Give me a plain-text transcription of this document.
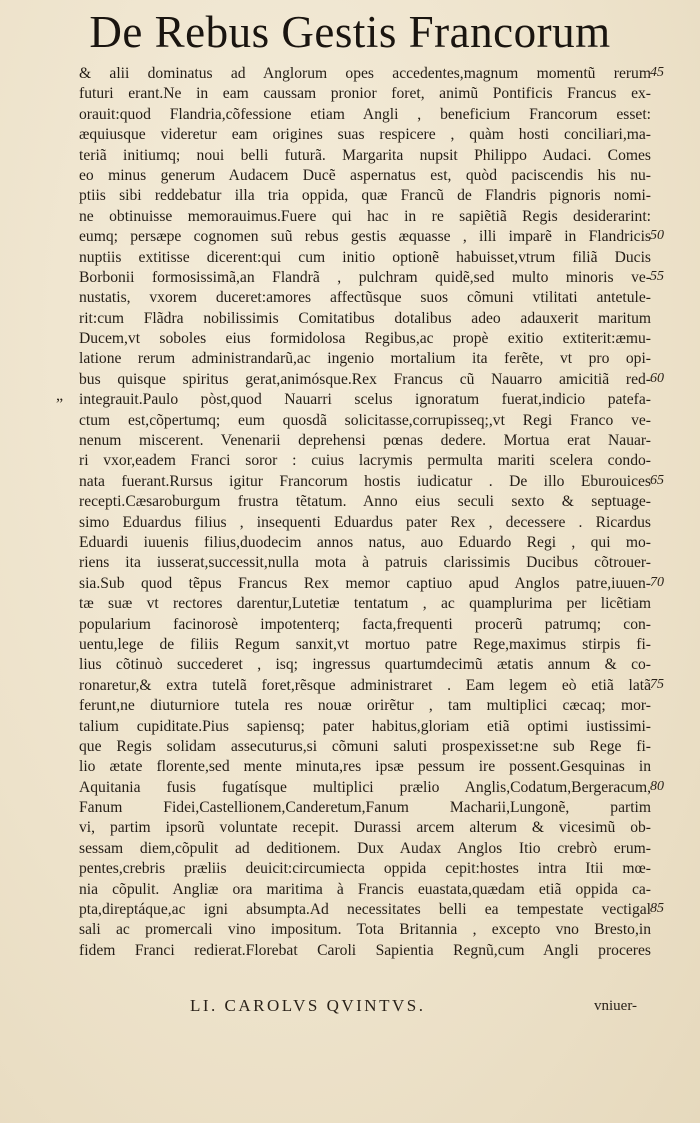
De Rebus Gestis Francorum
& alii dominatus ad Anglorum opes accedentes,magnum momentũ rerum
futuri erant.Ne in eam caussam pronior foret, animũ Pontificis Francus ex-
orauit:quod Flandria,cõfessione etiam Angli , beneficium Francorum esset:
æquiusque videretur eam origines suas respicere , quàm hosti conciliari,ma-
teriã initiumq; noui belli futurã. Margarita nupsit Philippo Audaci. Comes
eo minus generum Audacem Ducẽ aspernatus est, quòd paciscendis his nu-
ptiis sibi reddebatur illa tria oppida, quæ Francũ de Flandris pignoris nomi-
ne obtinuisse memorauimus.Fuere qui hac in re sapiẽtiã Regis desiderarint:
eumq; persæpe cognomen suũ rebus gestis æquasse , illi imparẽ in Flandricis
nuptiis extitisse dicerent:qui cum initio optionẽ habuisset,vtrum filiã Ducis
Borbonii formosissimã,an Flandrã , pulchram quidẽ,sed multo minoris ve-
nustatis, vxorem duceret:amores affectũsque suos cõmuni vtilitati antetule-
rit:cum Flãdra nobilissimis Comitatibus dotalibus adeo adauxerit maritum
Ducem,vt soboles eius formidolosa Regibus,ac propè exitio extiterit:æmu-
latione rerum administrandarũ,ac ingenio mortalium ita ferẽte, vt pro opi-
bus quisque spiritus gerat,animósque.Rex Francus cũ Nauarro amicitiã red-
integrauit.Paulo pòst,quod Nauarri scelus ignoratum fuerat,indicio patefa-
ctum est,cõpertumq; eum quosdã solicitasse,corrupisseq;,vt Regi Franco ve-
nenum miscerent. Venenarii deprehensi pœnas dedere. Mortua erat Nauar-
ri vxor,eadem Franci soror : cuius lacrymis permulta mariti scelera condo-
nata fuerant.Rursus igitur Francorum hostis iudicatur . De illo Eburouices
recepti.Cæsaroburgum frustra tẽtatum. Anno eius seculi sexto & septuage-
simo Eduardus filius , insequenti Eduardus pater Rex , decessere . Ricardus
Eduardi iuuenis filius,duodecim annos natus, auo Eduardo Regi , qui mo-
riens ita iusserat,successit,nulla mota à patruis clarissimis Ducibus cõtrouer-
sia.Sub quod tẽpus Francus Rex memor captiuo apud Anglos patre,iuuen-
tæ suæ vt rectores darentur,Lutetiæ tentatum , ac quamplurima per licẽtiam
popularium facinorosè impotenterq; facta,frequenti procerũ patrumq; con-
uentu,lege de filiis Regum sanxit,vt mortuo patre Rege,maximus stirpis fi-
lius cõtinuò succederet , isq; ingressus quartumdecimũ ætatis annum & co-
ronaretur,& extra tutelã foret,rẽsque administraret . Eam legem eò etiã latã
ferunt,ne diuturniore tutela res nouæ orirẽtur , tam multiplici cæcaq; mor-
talium cupiditate.Pius sapiensq; pater habitus,gloriam etiã optimi iustissimi-
que Regis solidam assecuturus,si cõmuni saluti prospexisset:ne sub Rege fi-
lio ætate florente,sed mente minuta,res ipsæ pessum ire possent.Gesquinas in
Aquitania fusis fugatísque multiplici prælio Anglis,Codatum,Bergeracum,
Fanum Fidei,Castellionem,Canderetum,Fanum Macharii,Lungonẽ, partim
vi, partim ipsorũ voluntate recepit. Durassi arcem alterum & vicesimũ ob-
sessam diem,cõpulit ad deditionem. Dux Audax Anglos Itio crebrò erum-
pentes,crebris præliis deuicit:circumiecta oppida cepit:hostes intra Itii mœ-
nia cõpulit. Angliæ ora maritima à Francis euastata,quædam etiã oppida ca-
pta,direptáque,ac igni absumpta.Ad necessitates belli ea tempestate vectigal
sali ac promercali vino impositum. Tota Britannia , excepto vno Bresto,in
fidem Franci redierat.Florebat Caroli Sapientia Regnũ,cum Angli proceres
45
50
55
60
65
70
75
80
85
„
LI. CAROLVS QVINTVS.	vniuer-
